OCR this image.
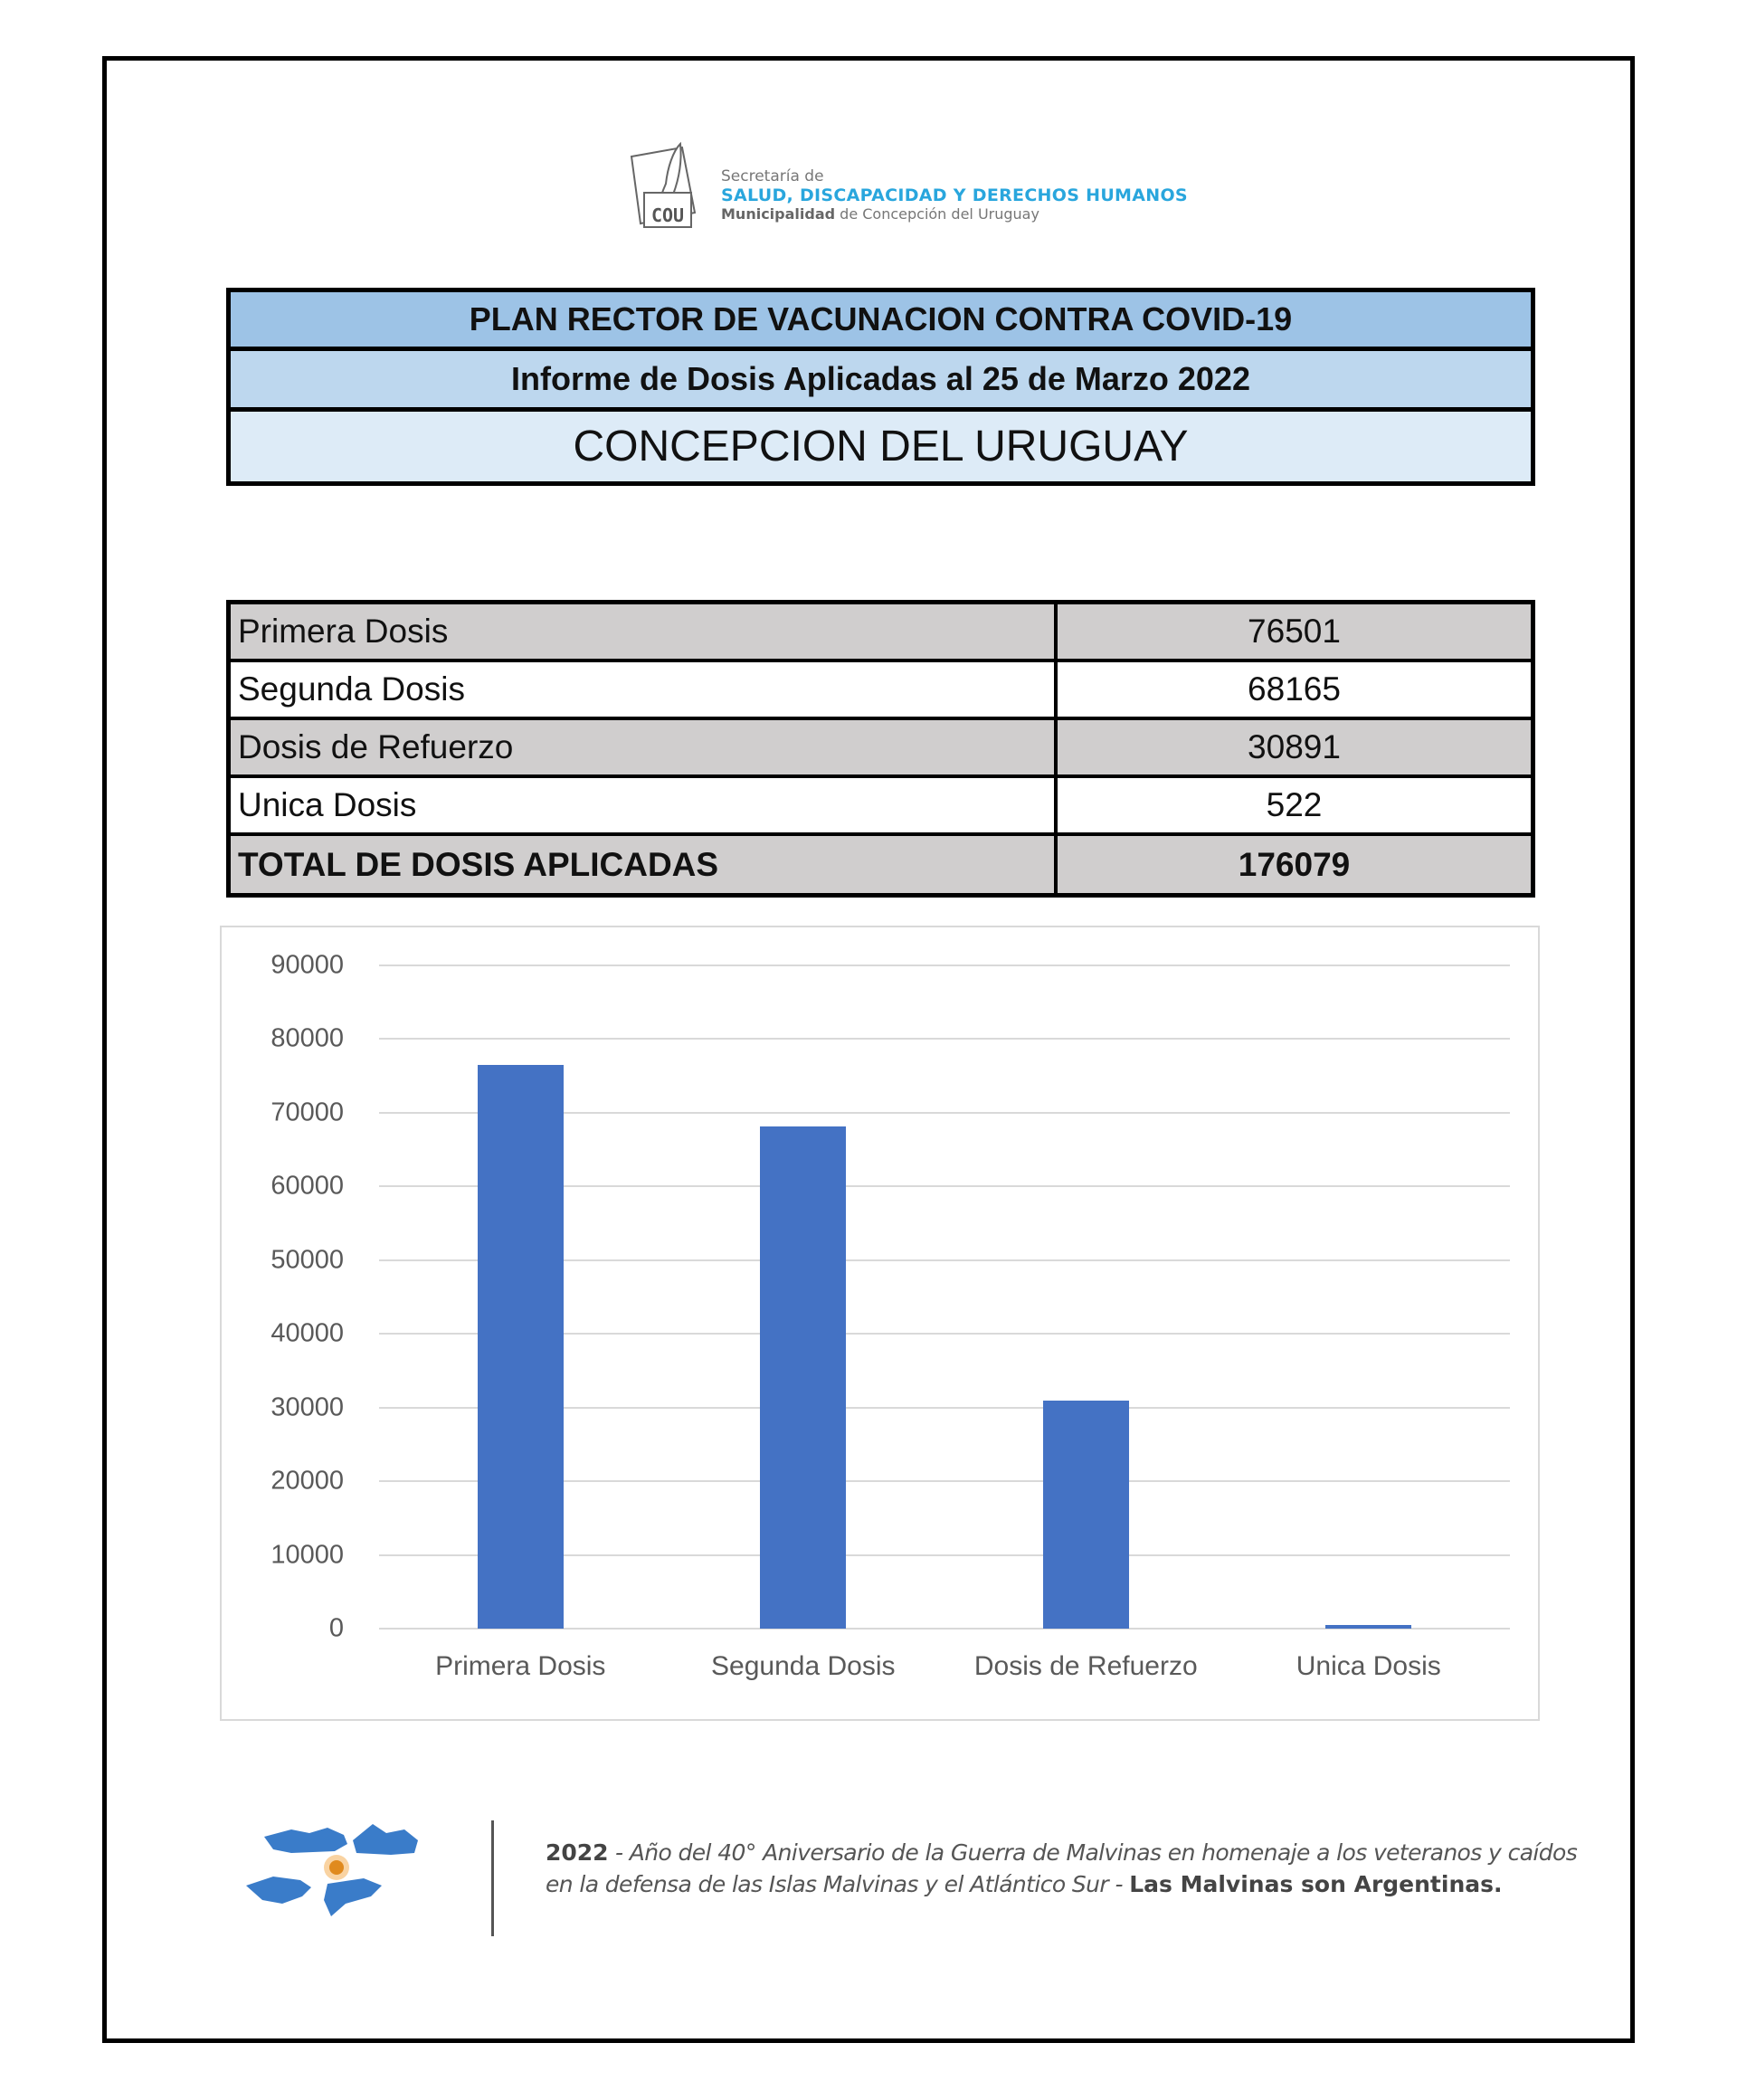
COU
Secretaría de
SALUD, DISCAPACIDAD Y DERECHOS HUMANOS
Municipalidad de Concepción del Uruguay
PLAN RECTOR DE VACUNACION CONTRA COVID-19
Informe de Dosis Aplicadas al 25 de Marzo 2022
CONCEPCION DEL URUGUAY
Primera Dosis	76501
Segunda Dosis	68165
Dosis de Refuerzo	30891
Unica Dosis	522
TOTAL DE DOSIS APLICADAS	176079
0
10000
20000
30000
40000
50000
60000
70000
80000
90000
Primera Dosis	Segunda Dosis	Dosis de Refuerzo	Unica Dosis
2022 - Año del 40° Aniversario de la Guerra de Malvinas en homenaje a los veteranos y caídos
en la defensa de las Islas Malvinas y el Atlántico Sur - Las Malvinas son Argentinas.
